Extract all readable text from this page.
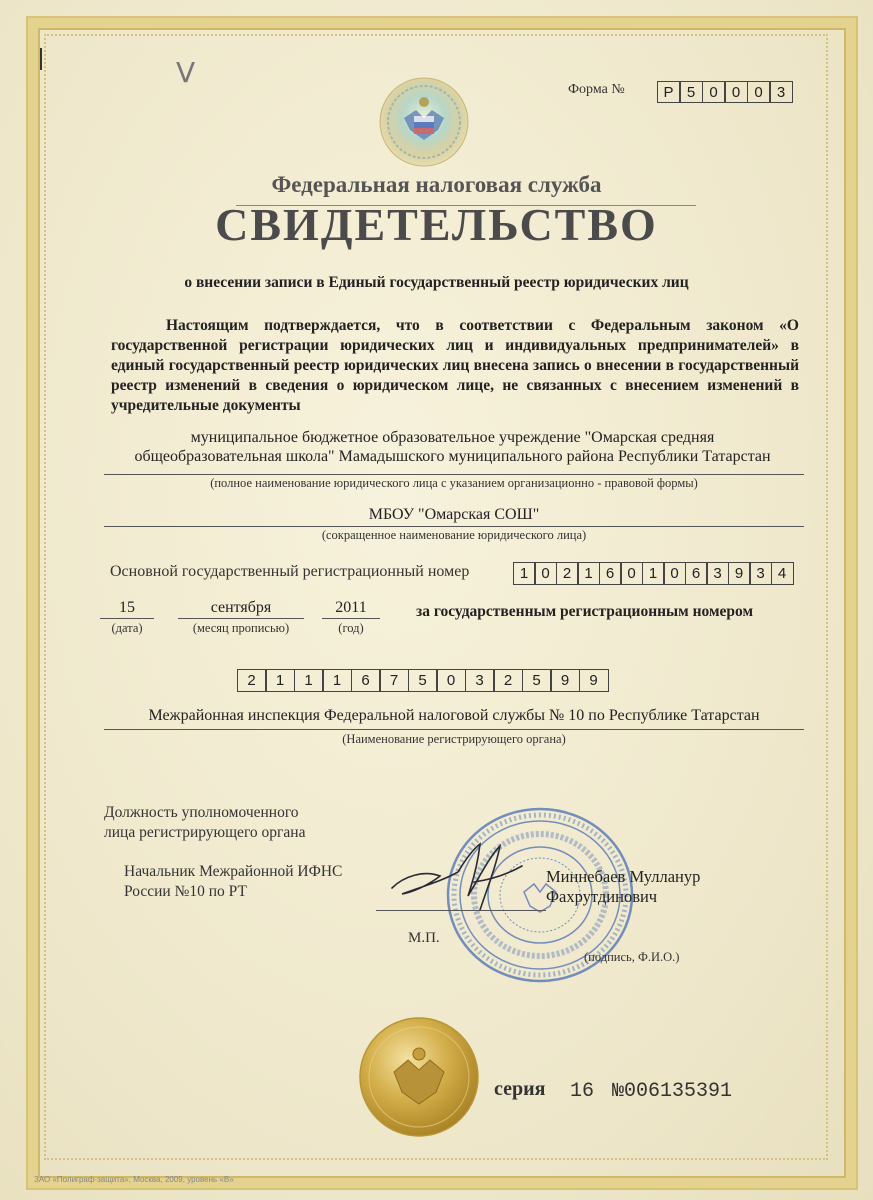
V
Форма №	Р 5 0 0 0 3
Федеральная налоговая служба
СВИДЕТЕЛЬСТВО
о внесении записи в Единый государственный реестр юридических лиц
Настоящим подтверждается, что в соответствии с Федеральным законом «О государственной регистрации юридических лиц и индивидуальных предпринимателей» в единый государственный реестр юридических лиц внесена запись о внесении в государственный реестр изменений в сведения о юридическом лице, не связанных с внесением изменений в учредительные документы
муниципальное бюджетное образовательное учреждение "Омарская средняя
общеобразовательная школа" Мамадышского муниципального района Республики Татарстан
(полное наименование юридического лица с указанием организационно - правовой формы)
МБОУ "Омарская СОШ"
(сокращенное наименование юридического лица)
Основной государственный регистрационный номер	1 0 2 1 6 0 1 0 6 3 9 3 4
15
(дата)
сентября
(месяц прописью)
2011
(год)
за государственным регистрационным номером
2	1	1	1	6	7	5	0	3	2	5	9	9
Межрайонная инспекция Федеральной налоговой службы № 10 по Республике Татарстан
(Наименование регистрирующего органа)
Должность уполномоченного
лица регистрирующего органа
Начальник Межрайонной ИФНС
России №10 по РТ
Миннебаев Мулланур
Фахрутдинович
М.П.
(подпись, Ф.И.О.)
серия 16 №006135391
ЗАО «Полиграф-защита», Москва, 2009, уровень «В»
